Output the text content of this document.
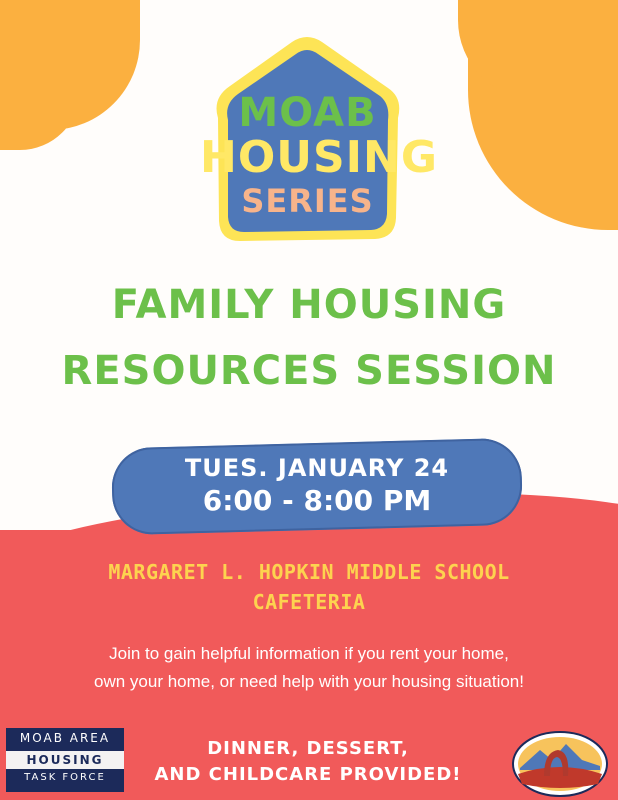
MOAB
HOUSING
SERIES
FAMILY HOUSING
RESOURCES SESSION
TUES. JANUARY 24
6:00 - 8:00 PM
MARGARET L. HOPKIN MIDDLE SCHOOL
CAFETERIA
Join to gain helpful information if you rent your home,
own your home, or need help with your housing situation!
MOAB AREA
HOUSING
TASK FORCE
DINNER, DESSERT,
AND CHILDCARE PROVIDED!
